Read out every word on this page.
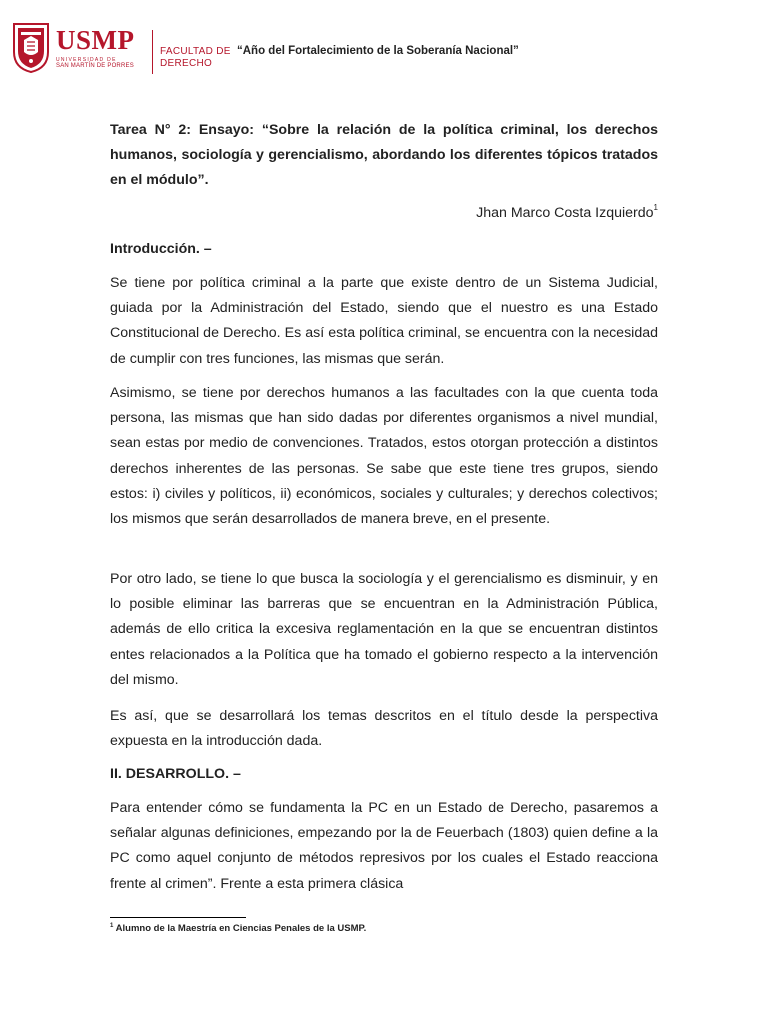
USMP
UNIVERSIDAD DE
SAN MARTÍN DE PORRES
FACULTAD DE
DERECHO
“Año del Fortalecimiento de la Soberanía Nacional”
Tarea N° 2: Ensayo: “Sobre la relación de la política criminal, los derechos humanos, sociología y gerencialismo, abordando los diferentes tópicos tratados en el módulo”.
Jhan Marco Costa Izquierdo$^1$
Introducción. –

Se tiene por política criminal a la parte que existe dentro de un Sistema Judicial, guiada por la Administración del Estado, siendo que el nuestro es una Estado Constitucional de Derecho. Es así esta política criminal, se encuentra con la necesidad de cumplir con tres funciones, las mismas que serán.

Asimismo, se tiene por derechos humanos a las facultades con la que cuenta toda persona, las mismas que han sido dadas por diferentes organismos a nivel mundial, sean estas por medio de convenciones. Tratados, estos otorgan protección a distintos derechos inherentes de las personas. Se sabe que este tiene tres grupos, siendo estos: i) civiles y políticos, ii) económicos, sociales y culturales; y derechos colectivos; los mismos que serán desarrollados de manera breve, en el presente.

Por otro lado, se tiene lo que busca la sociología y el gerencialismo es disminuir, y en lo posible eliminar las barreras que se encuentran en la Administración Pública, además de ello critica la excesiva reglamentación en la que se encuentran distintos entes relacionados a la Política que ha tomado el gobierno respecto a la intervención del mismo.

Es así, que se desarrollará los temas descritos en el título desde la perspectiva expuesta en la introducción dada.

II. DESARROLLO. –

Para entender cómo se fundamenta la PC en un Estado de Derecho, pasaremos a señalar algunas definiciones, empezando por la de Feuerbach (1803) quien define a la PC como aquel conjunto de métodos represivos por los cuales el Estado reacciona frente al crimen”. Frente a esta primera clásica

$^1$ Alumno de la Maestría en Ciencias Penales de la USMP.
